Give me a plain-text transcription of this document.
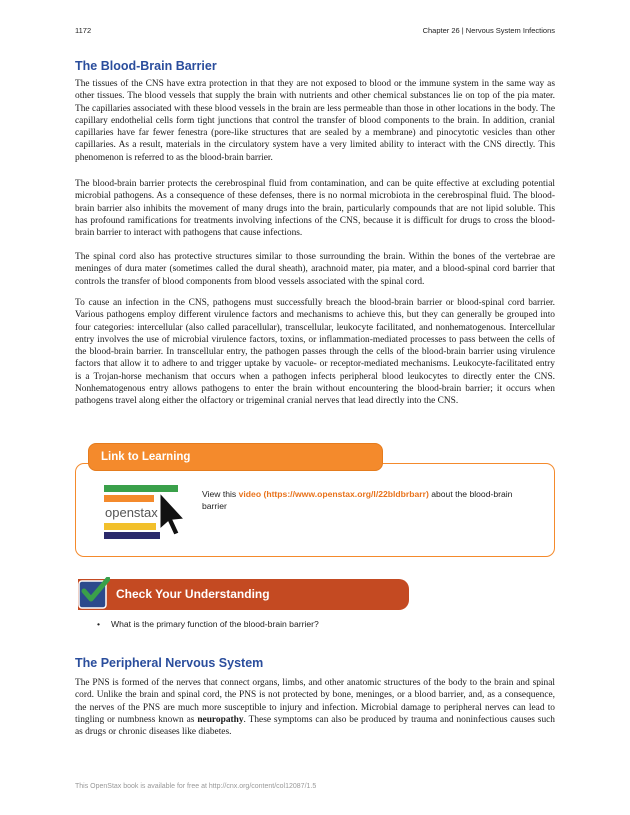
1172	Chapter 26 | Nervous System Infections
The Blood-Brain Barrier

The tissues of the CNS have extra protection in that they are not exposed to blood or the immune system in the same way as other tissues. The blood vessels that supply the brain with nutrients and other chemical substances lie on top of the pia mater. The capillaries associated with these blood vessels in the brain are less permeable than those in other locations in the body. The capillary endothelial cells form tight junctions that control the transfer of blood components to the brain. In addition, cranial capillaries have far fewer fenestra (pore-like structures that are sealed by a membrane) and pinocytotic vesicles than other capillaries. As a result, materials in the circulatory system have a very limited ability to interact with the CNS directly. This phenomenon is referred to as the blood-brain barrier.

The blood-brain barrier protects the cerebrospinal fluid from contamination, and can be quite effective at excluding potential microbial pathogens. As a consequence of these defenses, there is no normal microbiota in the cerebrospinal fluid. The blood-brain barrier also inhibits the movement of many drugs into the brain, particularly compounds that are not lipid soluble. This has profound ramifications for treatments involving infections of the CNS, because it is difficult for drugs to cross the blood-brain barrier to interact with pathogens that cause infections.

The spinal cord also has protective structures similar to those surrounding the brain. Within the bones of the vertebrae are meninges of dura mater (sometimes called the dural sheath), arachnoid mater, pia mater, and a blood-spinal cord barrier that controls the transfer of blood components from blood vessels associated with the spinal cord.

To cause an infection in the CNS, pathogens must successfully breach the blood-brain barrier or blood-spinal cord barrier. Various pathogens employ different virulence factors and mechanisms to achieve this, but they can generally be grouped into four categories: intercellular (also called paracellular), transcellular, leukocyte facilitated, and nonhematogenous. Intercellular entry involves the use of microbial virulence factors, toxins, or inflammation-mediated processes to pass between the cells of the blood-brain barrier. In transcellular entry, the pathogen passes through the cells of the blood-brain barrier using virulence factors that allow it to adhere to and trigger uptake by vacuole- or receptor-mediated mechanisms. Leukocyte-facilitated entry is a Trojan-horse mechanism that occurs when a pathogen infects peripheral blood leukocytes to directly enter the CNS. Nonhematogenous entry allows pathogens to enter the brain without encountering the blood-brain barrier; it occurs when pathogens travel along either the olfactory or trigeminal cranial nerves that lead directly into the CNS.

Link to Learning
openstax
View this video (https://www.openstax.org/l/22bldbrbarr) about the blood-brain barrier
Check Your Understanding
• What is the primary function of the blood-brain barrier?
The Peripheral Nervous System

The PNS is formed of the nerves that connect organs, limbs, and other anatomic structures of the body to the brain and spinal cord. Unlike the brain and spinal cord, the PNS is not protected by bone, meninges, or a blood barrier, and, as a consequence, the nerves of the PNS are much more susceptible to injury and infection. Microbial damage to peripheral nerves can lead to tingling or numbness known as neuropathy. These symptoms can also be produced by trauma and noninfectious causes such as drugs or chronic diseases like diabetes.

This OpenStax book is available for free at http://cnx.org/content/col12087/1.5
